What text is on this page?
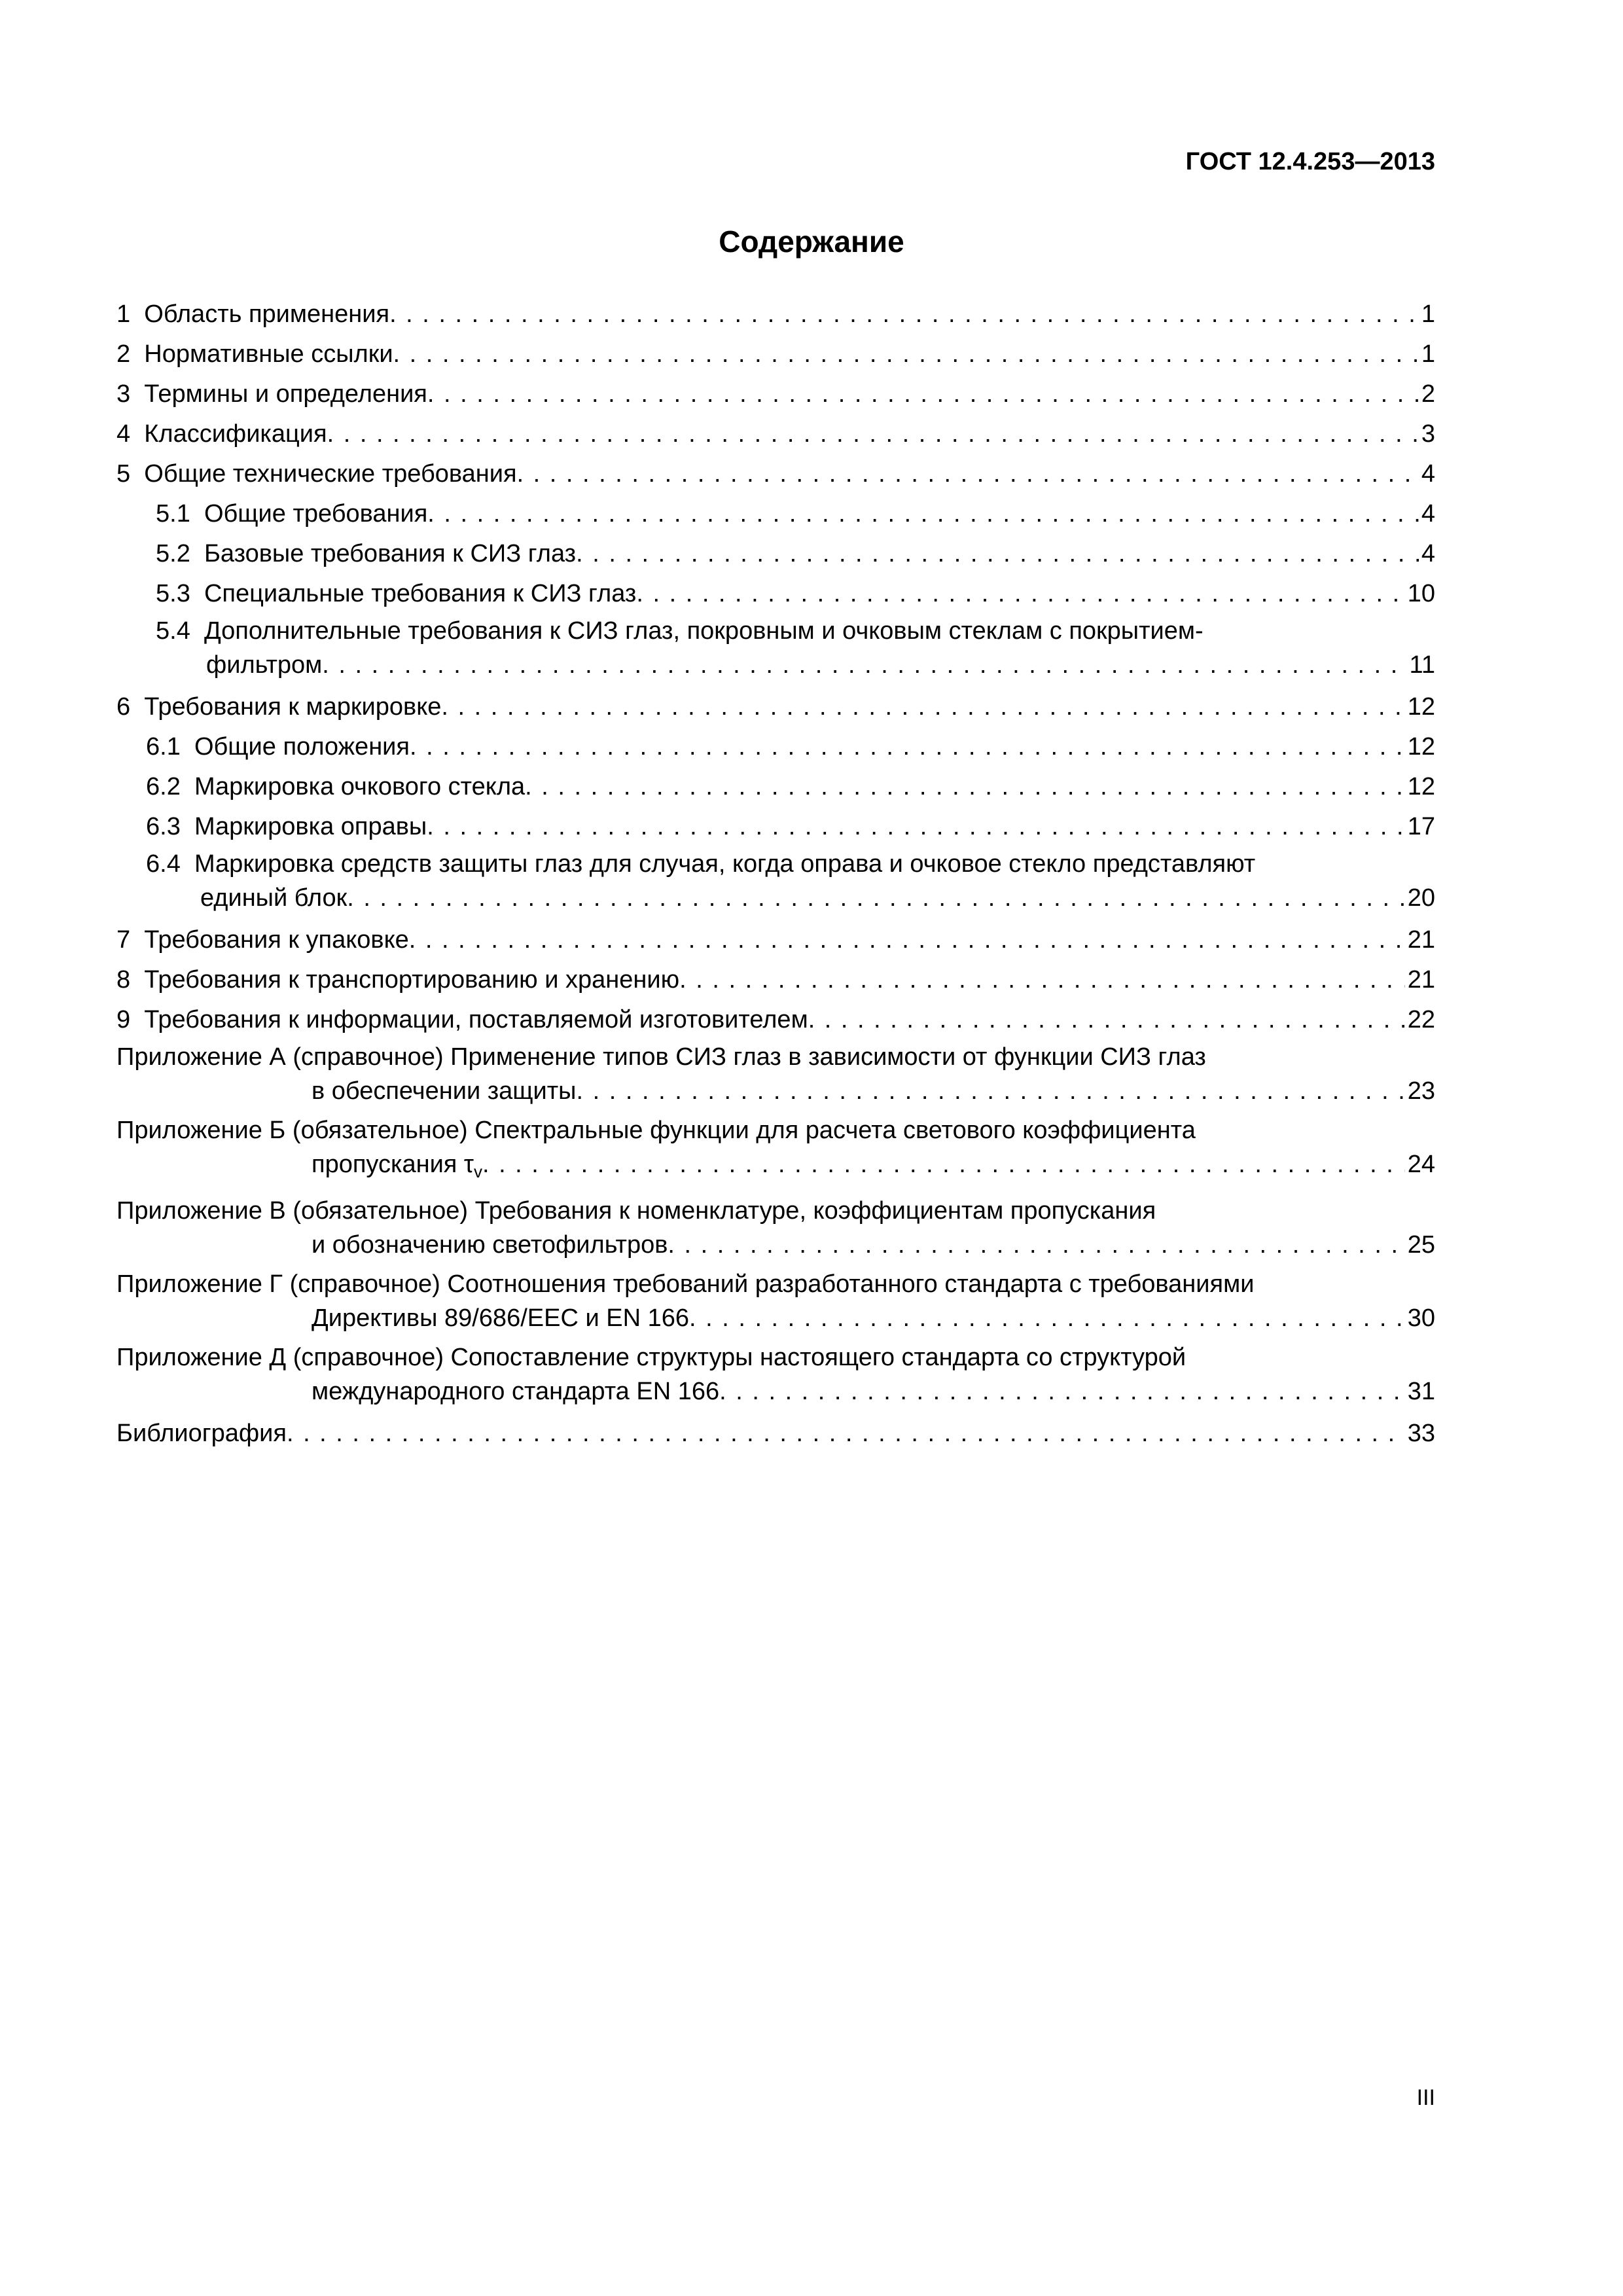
ГОСТ 12.4.253—2013
Содержание
1 Область применения . . .	1
2 Нормативные ссылки . . .	1
3 Термины и определения . . .	2
4 Классификация . . .	3
5 Общие технические требования . . .	4
5.1 Общие требования . . .	4
5.2 Базовые требования к СИЗ глаз . . .	4
5.3 Специальные требования к СИЗ глаз . . .	10
5.4 Дополнительные требования к СИЗ глаз, покровным и очковым стеклам с покрытием-
фильтром . . .	11
6 Требования к маркировке . . .	12
6.1 Общие положения . . .	12
6.2 Маркировка очкового стекла . . .	12
6.3 Маркировка оправы . . .	17
6.4 Маркировка средств защиты глаз для случая, когда оправа и очковое стекло представляют
единый блок . . .	20
7 Требования к упаковке . . .	21
8 Требования к транспортированию и хранению . . .	21
9 Требования к информации, поставляемой изготовителем . . .	22
Приложение А (справочное) Применение типов СИЗ глаз в зависимости от функции СИЗ глаз
в обеспечении защиты . . .	23
Приложение Б (обязательное) Спектральные функции для расчета светового коэффициента
пропускания $\tau_v$ . . .	24
Приложение В (обязательное) Требования к номенклатуре, коэффициентам пропускания
и обозначению светофильтров . . .	25
Приложение Г (справочное) Соотношения требований разработанного стандарта с требованиями
Директивы 89/686/EEC и EN 166 . . .	30
Приложение Д (справочное) Сопоставление структуры настоящего стандарта со структурой
международного стандарта EN 166 . . .	31
Библиография . . .	33
III
